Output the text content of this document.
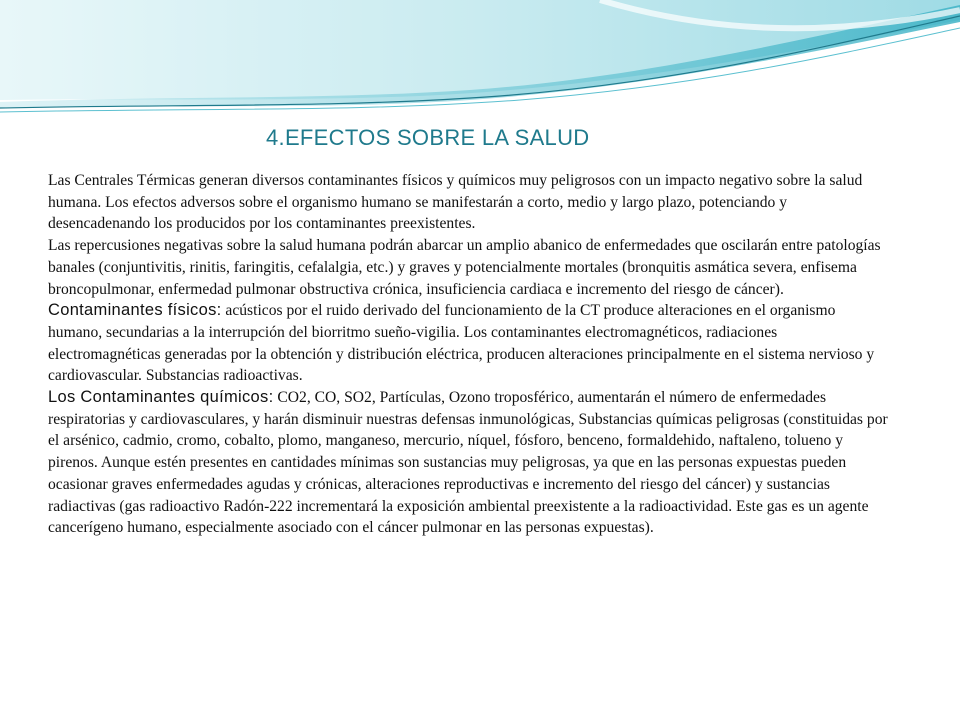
4.EFECTOS SOBRE LA SALUD

Las Centrales Térmicas generan diversos contaminantes físicos y químicos muy peligrosos con un impacto negativo sobre la salud humana. Los efectos adversos sobre el organismo humano se manifestarán a corto, medio y largo plazo, potenciando y desencadenando los producidos por los contaminantes preexistentes.

Las repercusiones negativas sobre la salud humana podrán abarcar un amplio abanico de enfermedades que oscilarán entre patologías banales (conjuntivitis, rinitis, faringitis, cefalalgia, etc.) y graves y potencialmente mortales (bronquitis asmática severa, enfisema broncopulmonar, enfermedad pulmonar obstructiva crónica, insuficiencia cardiaca e incremento del riesgo de cáncer).

Contaminantes físicos: acústicos por el ruido derivado del funcionamiento de la CT produce alteraciones en el organismo humano, secundarias a la interrupción del biorritmo sueño-vigilia. Los contaminantes electromagnéticos, radiaciones electromagnéticas generadas por la obtención y distribución eléctrica, producen alteraciones principalmente en el sistema nervioso y cardiovascular. Substancias radioactivas.

Los Contaminantes químicos: CO2, CO, SO2, Partículas, Ozono troposférico, aumentarán el número de enfermedades respiratorias y cardiovasculares, y harán disminuir nuestras defensas inmunológicas, Substancias químicas peligrosas (constituidas por el arsénico, cadmio, cromo, cobalto, plomo, manganeso, mercurio, níquel, fósforo, benceno, formaldehido, naftaleno, tolueno y pirenos. Aunque estén presentes en cantidades mínimas son sustancias muy peligrosas, ya que en las personas expuestas pueden ocasionar graves enfermedades agudas y crónicas, alteraciones reproductivas e incremento del riesgo del cáncer) y sustancias radiactivas (gas radioactivo Radón-222 incrementará la exposición ambiental preexistente a la radioactividad. Este gas es un agente cancerígeno humano, especialmente asociado con el cáncer pulmonar en las personas expuestas).
